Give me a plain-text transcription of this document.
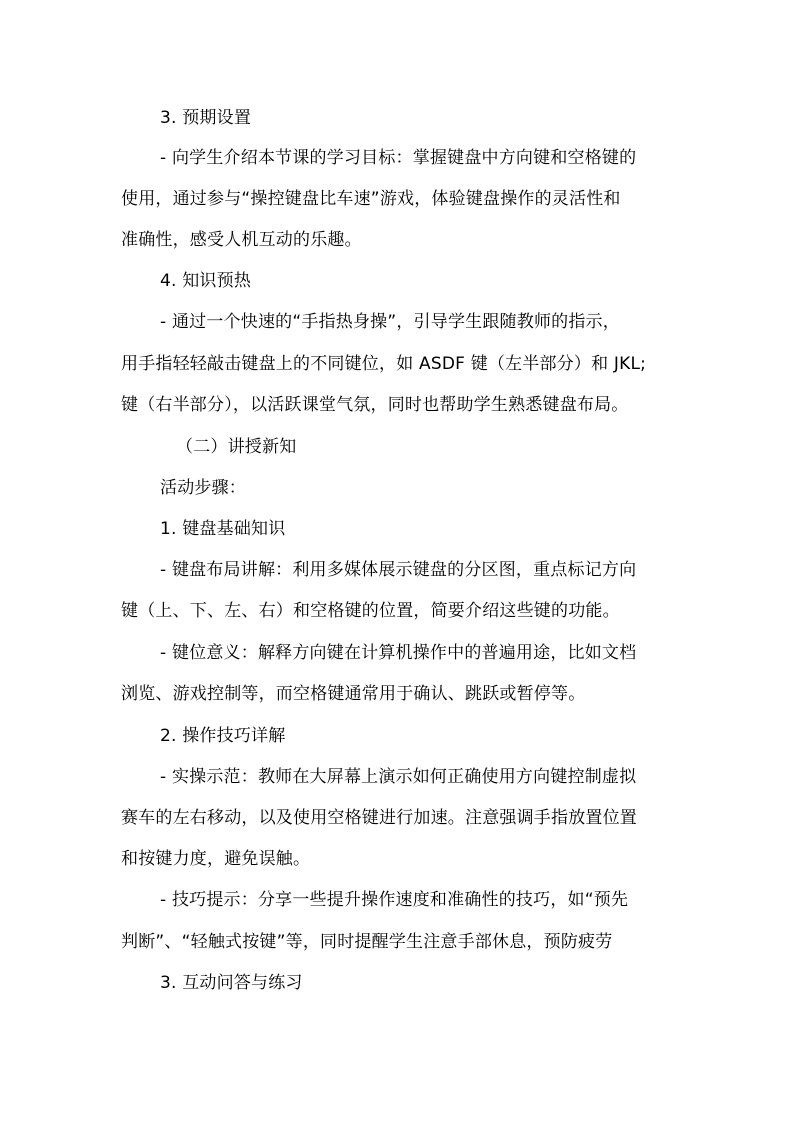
3. 预期设置
- 向学生介绍本节课的学习目标：掌握键盘中方向键和空格键的
使用，通过参与“操控键盘比车速”游戏，体验键盘操作的灵活性和
准确性，感受人机互动的乐趣。
4. 知识预热
- 通过一个快速的“手指热身操”，引导学生跟随教师的指示，
用手指轻轻敲击键盘上的不同键位，如 ASDF 键（左半部分）和 JKL;
键（右半部分），以活跃课堂气氛，同时也帮助学生熟悉键盘布局。
（二）讲授新知
活动步骤：
1. 键盘基础知识
- 键盘布局讲解：利用多媒体展示键盘的分区图，重点标记方向
键（上、下、左、右）和空格键的位置，简要介绍这些键的功能。
- 键位意义：解释方向键在计算机操作中的普遍用途，比如文档
浏览、游戏控制等，而空格键通常用于确认、跳跃或暂停等。
2. 操作技巧详解
- 实操示范：教师在大屏幕上演示如何正确使用方向键控制虚拟
赛车的左右移动，以及使用空格键进行加速。注意强调手指放置位置
和按键力度，避免误触。
- 技巧提示：分享一些提升操作速度和准确性的技巧，如“预先
判断”、“轻触式按键”等，同时提醒学生注意手部休息，预防疲劳
3. 互动问答与练习
